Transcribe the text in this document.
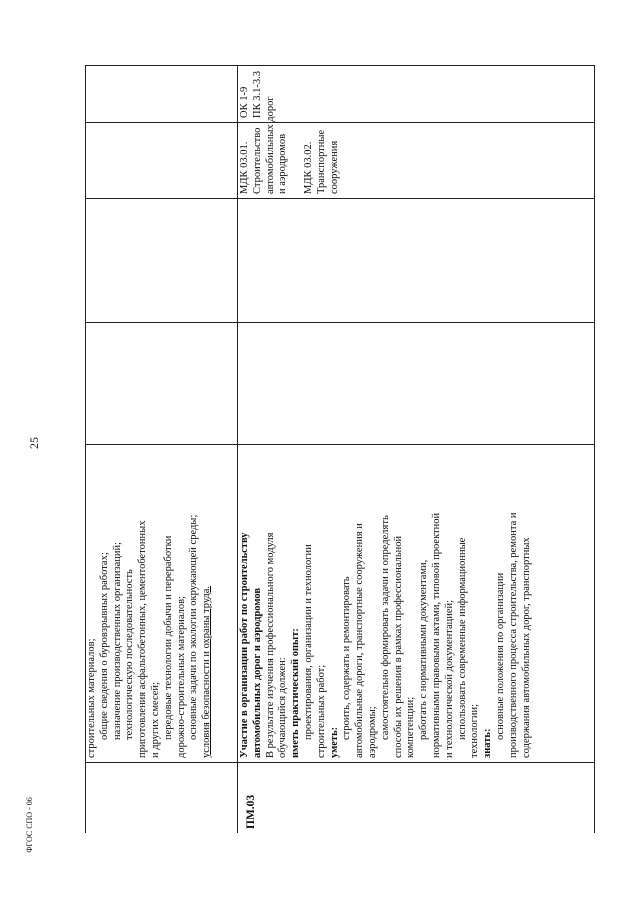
25
ФГОС СПО - 06
строительных материалов; общие сведения о буровзрывных работах; назначение производственных организаций; технологическую последовательность приготовления асфальтобетонных, цементобетонных и других смесей; передовые технологии добычи и переработки дорожно-строительных материалов; основные задачи по экологии окружающей среды; условия безопасности и охраны труда.
ПМ.03
Участие в организации работ по строительству автомобильных дорог и аэродромов В результате изучения профессионального модуля обучающийся должен: иметь практический опыт: проектирования, организации и технологии строительных работ; уметь:
строить, содержать и ремонтировать автомобильные дороги, транспортные сооружения и аэродромы; самостоятельно формировать задачи и определять способы их решения в рамках профессиональной компетенции; работать с нормативными документами, нормативными правовыми актами, типовой проектной и технологической документацией; использовать современные информационные технологии; знать:
основные положения по организации производственного процесса строительства, ремонта и содержания автомобильных дорог, транспортных
МДК 03.01. Строительство автомобильных дорог и аэродромов
МДК 03.02. Транспортные сооружения
ОК 1-9 ПК 3.1-3.3
